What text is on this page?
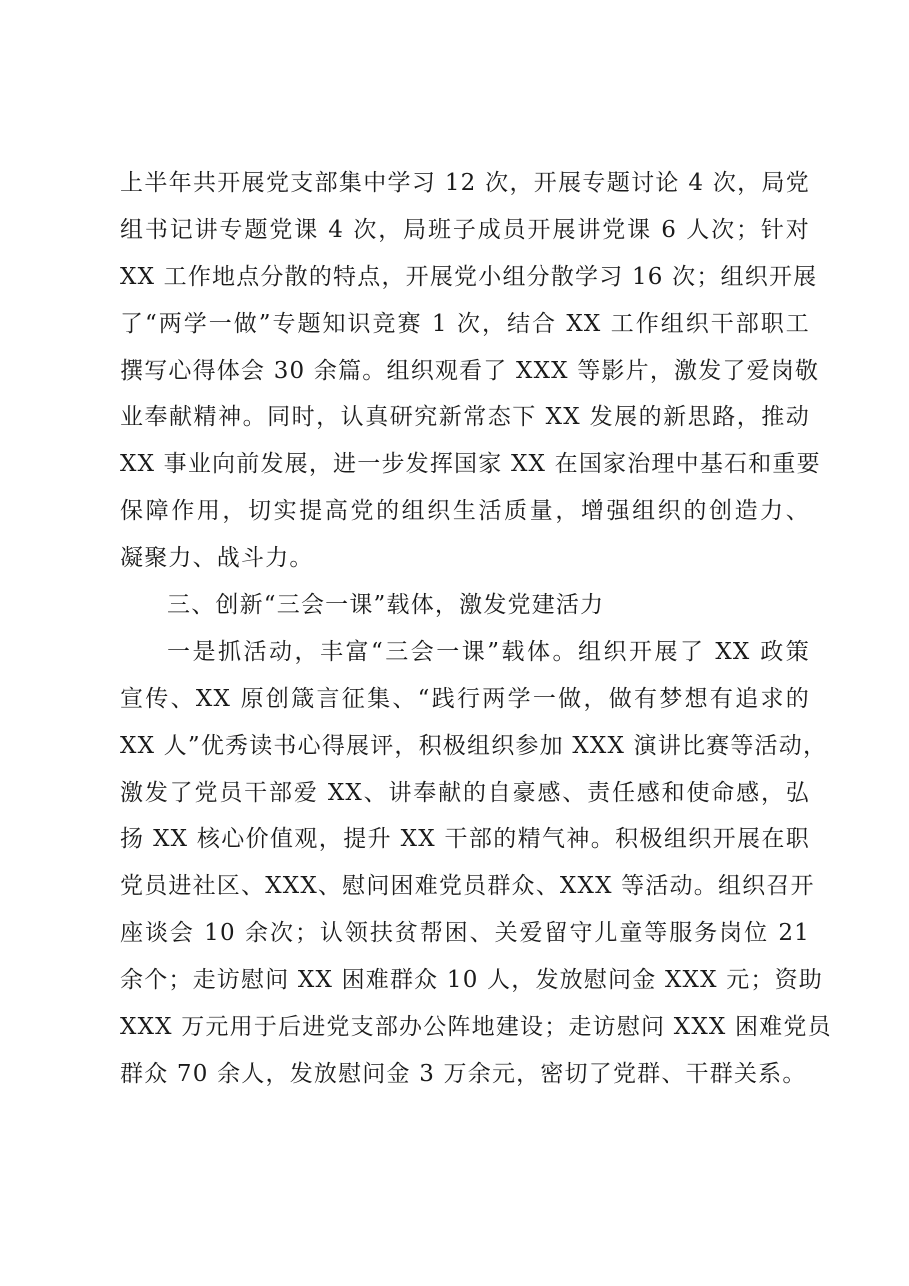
上半年共开展党支部集中学习 12 次，开展专题讨论 4 次，局党
组书记讲专题党课 4 次，局班子成员开展讲党课 6 人次；针对
XX 工作地点分散的特点，开展党小组分散学习 16 次；组织开展
了“两学一做”专题知识竞赛 1 次，结合 XX 工作组织干部职工
撰写心得体会 30 余篇。组织观看了 XXX 等影片，激发了爱岗敬
业奉献精神。同时，认真研究新常态下 XX 发展的新思路，推动
XX 事业向前发展，进一步发挥国家 XX 在国家治理中基石和重要
保障作用，切实提高党的组织生活质量，增强组织的创造力、
凝聚力、战斗力。
三、创新“三会一课”载体，激发党建活力
一是抓活动，丰富“三会一课”载体。组织开展了 XX 政策
宣传、XX 原创箴言征集、“践行两学一做，做有梦想有追求的
XX 人”优秀读书心得展评，积极组织参加 XXX 演讲比赛等活动，
激发了党员干部爱 XX、讲奉献的自豪感、责任感和使命感，弘
扬 XX 核心价值观，提升 XX 干部的精气神。积极组织开展在职
党员进社区、XXX、慰问困难党员群众、XXX 等活动。组织召开
座谈会 10 余次；认领扶贫帮困、关爱留守儿童等服务岗位 21
余个；走访慰问 XX 困难群众 10 人，发放慰问金 XXX 元；资助
XXX 万元用于后进党支部办公阵地建设；走访慰问 XXX 困难党员
群众 70 余人，发放慰问金 3 万余元，密切了党群、干群关系。
